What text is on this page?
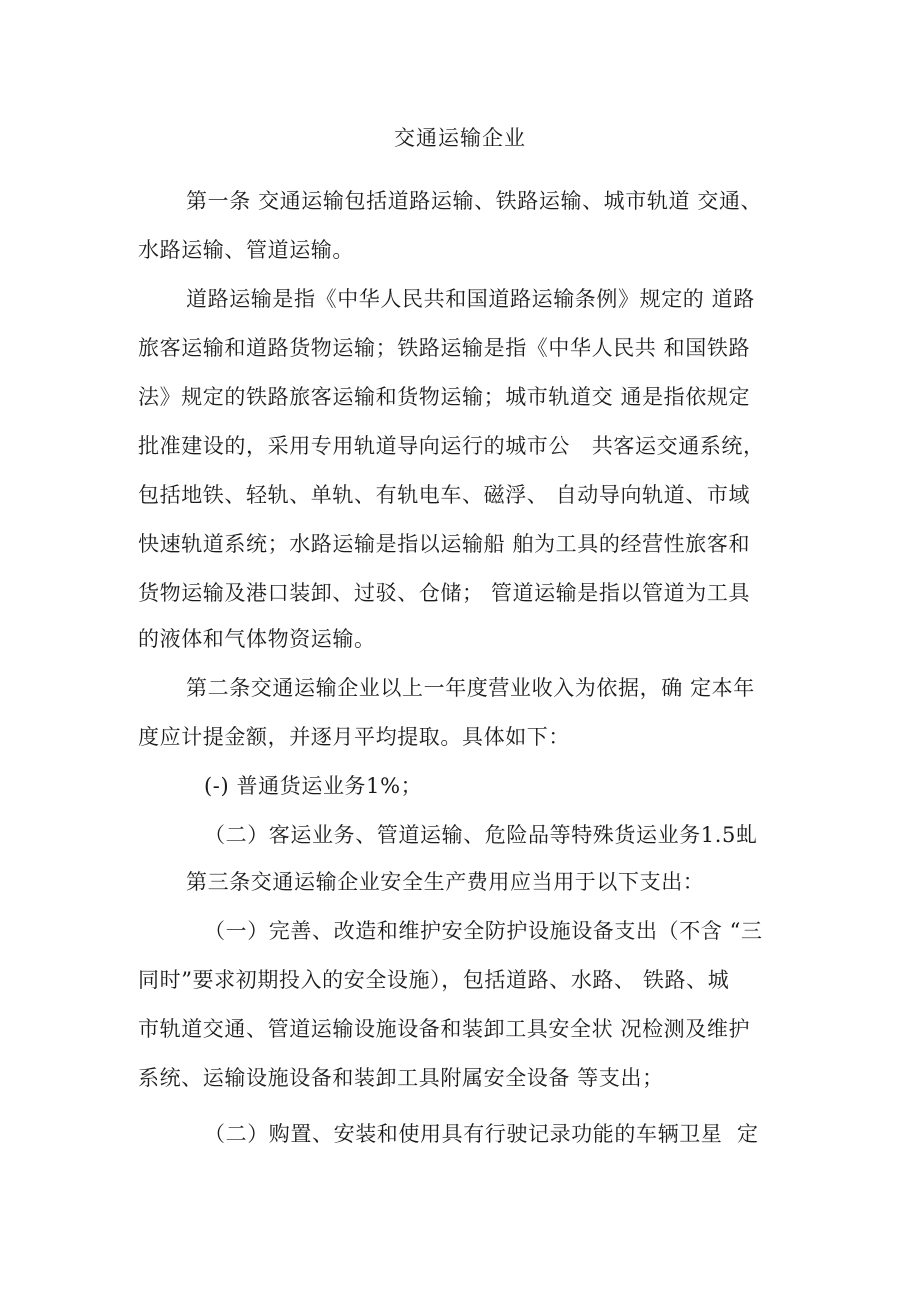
交通运输企业
第一条 交通运输包括道路运输、铁路运输、城市轨道 交通、
水路运输、管道运输。
道路运输是指《中华人民共和国道路运输条例》规定的 道路
旅客运输和道路货物运输；铁路运输是指《中华人民共 和国铁路
法》规定的铁路旅客运输和货物运输；城市轨道交 通是指依规定
批准建设的，采用专用轨道导向运行的城市公   共客运交通系统，
包括地铁、轻轨、单轨、有轨电车、磁浮、 自动导向轨道、市域
快速轨道系统；水路运输是指以运输船 舶为工具的经营性旅客和
货物运输及港口装卸、过驳、仓储； 管道运输是指以管道为工具
的液体和气体物资运输。
第二条交通运输企业以上一年度营业收入为依据，确 定本年
度应计提金额，并逐月平均提取。具体如下：
(-) 普通货运业务1%；
（二）客运业务、管道运输、危险品等特殊货运业务1.5虬
第三条交通运输企业安全生产费用应当用于以下支出：
（一）完善、改造和维护安全防护设施设备支出（不含 “三
同时”要求初期投入的安全设施），包括道路、水路、 铁路、城
市轨道交通、管道运输设施设备和装卸工具安全状 况检测及维护
系统、运输设施设备和装卸工具附属安全设备 等支出；
（二）购置、安装和使用具有行驶记录功能的车辆卫星  定
